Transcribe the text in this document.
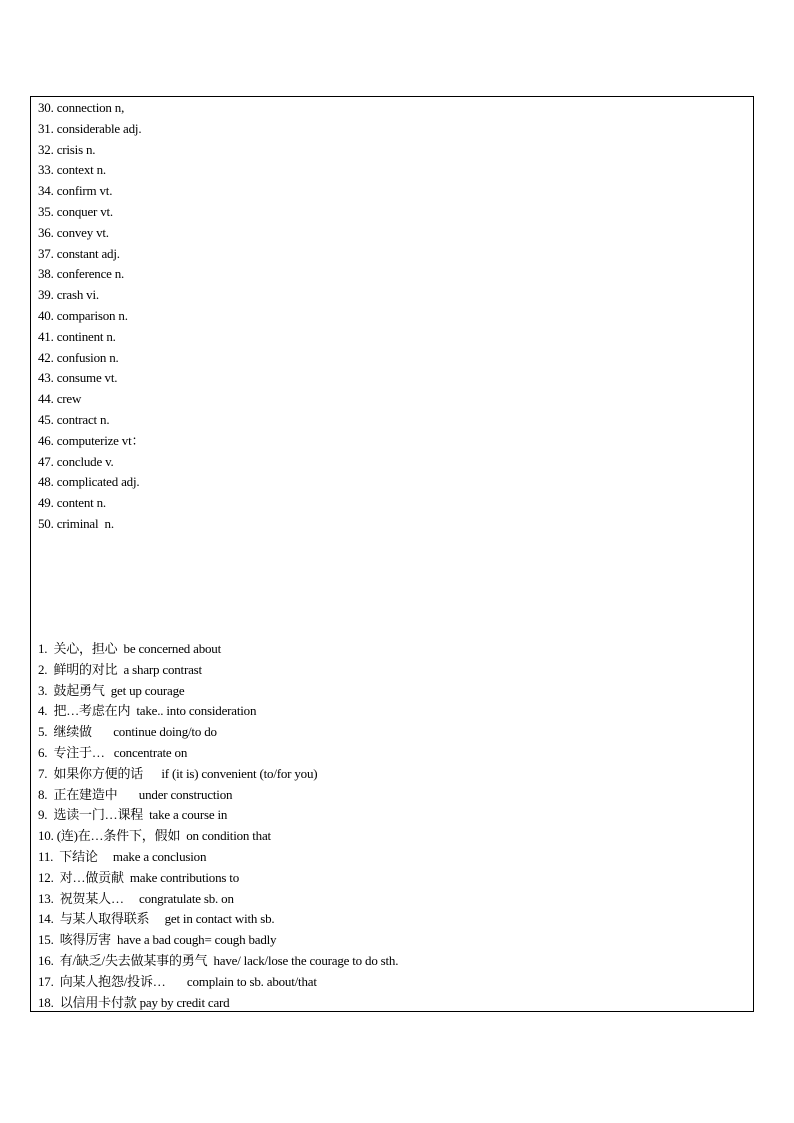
30. connection n,
31. considerable adj.
32. crisis n.
33. context n.
34. confirm vt.
35. conquer vt.
36. convey vt.
37. constant adj.
38. conference n.
39. crash vi.
40. comparison n.
41. continent n.
42. confusion n.
43. consume vt.
44. crew
45. contract n.
46. computerize vt：
47. conclude v.
48. complicated adj.
49. content n.
50. criminal  n.
1.  关心，担心  be concerned about
2.  鲜明的对比  a sharp contrast
3.  鼓起勇气  get up courage
4.  把…考虑在内  take.. into consideration
5.  继续做       continue doing/to do
6.  专注于…   concentrate on
7.  如果你方便的话      if (it is) convenient (to/for you)
8.  正在建造中       under construction
9.  选读一门…课程  take a course in
10. (连)在…条件下，假如  on condition that
11.  下结论     make a conclusion
12.  对…做贡献  make contributions to
13.  祝贺某人…     congratulate sb. on
14.  与某人取得联系     get in contact with sb.
15.  咳得厉害  have a bad cough= cough badly
16.  有/缺乏/失去做某事的勇气  have/ lack/lose the courage to do sth.
17.  向某人抱怨/投诉…       complain to sb. about/that
18.  以信用卡付款 pay by credit card
